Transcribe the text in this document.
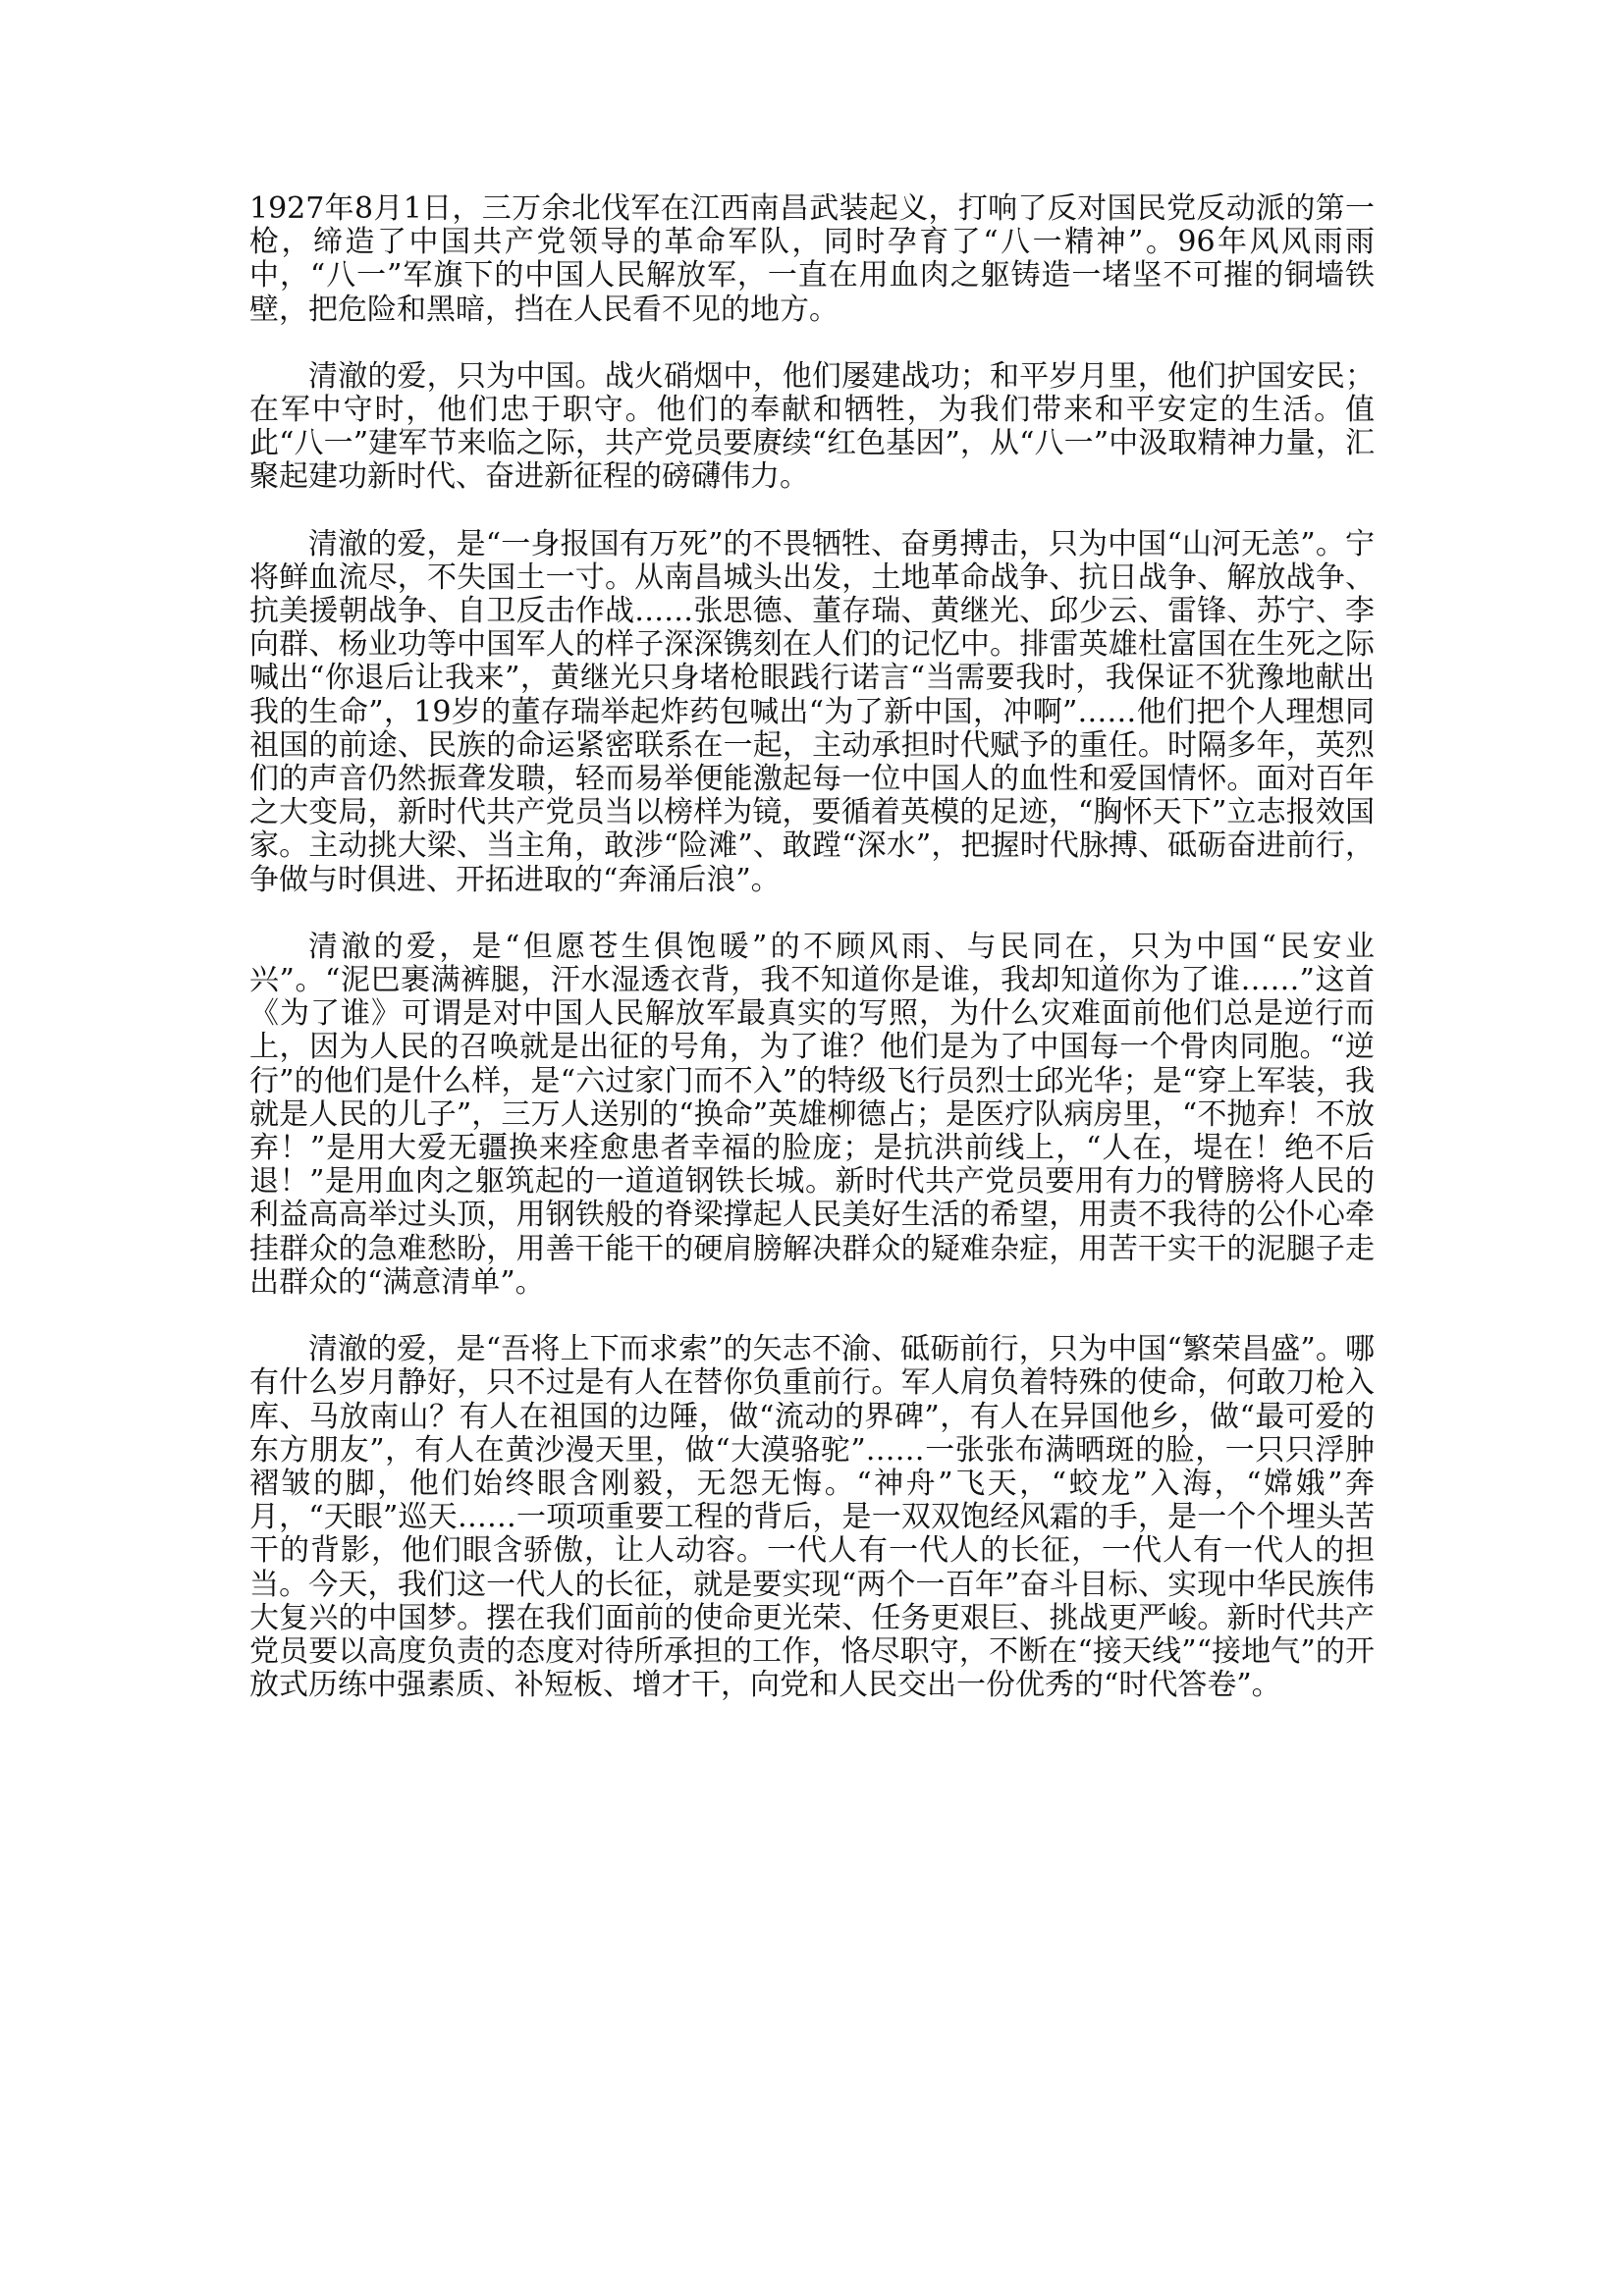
1927年8月1日，三万余北伐军在江西南昌武装起义，打响了反对国民党反动派的第一枪，缔造了中国共产党领导的革命军队，同时孕育了“八一精神”。96年风风雨雨中，“八一”军旗下的中国人民解放军，一直在用血肉之躯铸造一堵坚不可摧的铜墙铁壁，把危险和黑暗，挡在人民看不见的地方。

清澈的爱，只为中国。战火硝烟中，他们屡建战功；和平岁月里，他们护国安民；在军中守时，他们忠于职守。他们的奉献和牺牲，为我们带来和平安定的生活。值此“八一”建军节来临之际，共产党员要赓续“红色基因”，从“八一”中汲取精神力量，汇聚起建功新时代、奋进新征程的磅礴伟力。

清澈的爱，是“一身报国有万死”的不畏牺牲、奋勇搏击，只为中国“山河无恙”。宁将鲜血流尽，不失国土一寸。从南昌城头出发，土地革命战争、抗日战争、解放战争、抗美援朝战争、自卫反击作战……张思德、董存瑞、黄继光、邱少云、雷锋、苏宁、李向群、杨业功等中国军人的样子深深镌刻在人们的记忆中。排雷英雄杜富国在生死之际喊出“你退后让我来”，黄继光只身堵枪眼践行诺言“当需要我时，我保证不犹豫地献出我的生命”，19岁的董存瑞举起炸药包喊出“为了新中国，冲啊”……他们把个人理想同祖国的前途、民族的命运紧密联系在一起，主动承担时代赋予的重任。时隔多年，英烈们的声音仍然振聋发聩，轻而易举便能激起每一位中国人的血性和爱国情怀。面对百年之大变局，新时代共产党员当以榜样为镜，要循着英模的足迹，“胸怀天下”立志报效国家。主动挑大梁、当主角，敢涉“险滩”、敢蹚“深水”，把握时代脉搏、砥砺奋进前行，争做与时俱进、开拓进取的“奔涌后浪”。

清澈的爱，是“但愿苍生俱饱暖”的不顾风雨、与民同在，只为中国“民安业兴”。“泥巴裹满裤腿，汗水湿透衣背，我不知道你是谁，我却知道你为了谁……”这首《为了谁》可谓是对中国人民解放军最真实的写照，为什么灾难面前他们总是逆行而上，因为人民的召唤就是出征的号角，为了谁？他们是为了中国每一个骨肉同胞。“逆行”的他们是什么样，是“六过家门而不入”的特级飞行员烈士邱光华；是“穿上军装，我就是人民的儿子”，三万人送别的“换命”英雄柳德占；是医疗队病房里，“不抛弃！不放弃！”是用大爱无疆换来痊愈患者幸福的脸庞；是抗洪前线上，“人在，堤在！绝不后退！”是用血肉之躯筑起的一道道钢铁长城。新时代共产党员要用有力的臂膀将人民的利益高高举过头顶，用钢铁般的脊梁撑起人民美好生活的希望，用责不我待的公仆心牵挂群众的急难愁盼，用善干能干的硬肩膀解决群众的疑难杂症，用苦干实干的泥腿子走出群众的“满意清单”。

清澈的爱，是“吾将上下而求索”的矢志不渝、砥砺前行，只为中国“繁荣昌盛”。哪有什么岁月静好，只不过是有人在替你负重前行。军人肩负着特殊的使命，何敢刀枪入库、马放南山？有人在祖国的边陲，做“流动的界碑”，有人在异国他乡，做“最可爱的东方朋友”，有人在黄沙漫天里，做“大漠骆驼”……一张张布满晒斑的脸，一只只浮肿褶皱的脚，他们始终眼含刚毅，无怨无悔。“神舟”飞天，“蛟龙”入海，“嫦娥”奔月，“天眼”巡天……一项项重要工程的背后，是一双双饱经风霜的手，是一个个埋头苦干的背影，他们眼含骄傲，让人动容。一代人有一代人的长征，一代人有一代人的担当。今天，我们这一代人的长征，就是要实现“两个一百年”奋斗目标、实现中华民族伟大复兴的中国梦。摆在我们面前的使命更光荣、任务更艰巨、挑战更严峻。新时代共产党员要以高度负责的态度对待所承担的工作，恪尽职守，不断在“接天线”“接地气”的开放式历练中强素质、补短板、增才干，向党和人民交出一份优秀的“时代答卷”。
